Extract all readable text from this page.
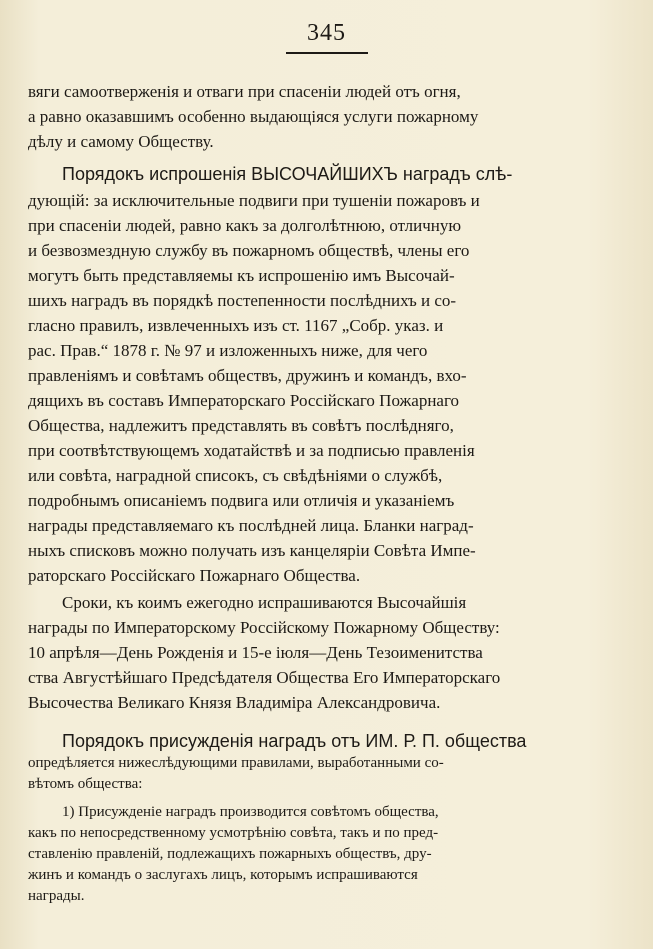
345
вяги самоотверженія и отваги при спасеніи людей отъ огня,
а равно оказавшимъ особенно выдающіяся услуги пожарному
дѣлу и самому Обществу.
Порядокъ испрошенія ВЫСОЧАЙШИХЪ наградъ слѣ-
дующій: за исключительные подвиги при тушеніи пожаровъ и
при спасеніи людей, равно какъ за долголѣтнюю, отличную
и безвозмездную службу въ пожарномъ обществѣ, члены его
могутъ быть представляемы къ испрошенію имъ Высочай-
шихъ наградъ въ порядкѣ постепенности послѣднихъ и со-
гласно правилъ, извлеченныхъ изъ ст. 1167 „Собр. указ. и
рас. Прав.“ 1878 г. № 97 и изложенныхъ ниже, для чего
правленіямъ и совѣтамъ обществъ, дружинъ и командъ, вхо-
дящихъ въ составъ Императорскаго Россійскаго Пожарнаго
Общества, надлежитъ представлять въ совѣтъ послѣдняго,
при соотвѣтствующемъ ходатайствѣ и за подписью правленія
или совѣта, наградной списокъ, съ свѣдѣніями о службѣ,
подробнымъ описаніемъ подвига или отличія и указаніемъ
награды представляемаго къ послѣдней лица. Бланки наград-
ныхъ списковъ можно получать изъ канцеляріи Совѣта Импе-
раторскаго Россійскаго Пожарнаго Общества.
Сроки, къ коимъ ежегодно испрашиваются Высочайшія
награды по Императорскому Россійскому Пожарному Обществу:
10 апрѣля—День Рожденія и 15-е іюля—День Тезоименитства
ства Августѣйшаго Предсѣдателя Общества Его Императорскаго
Высочества Великаго Князя Владиміра Александровича.
Порядокъ присужденія наградъ отъ ИМ. Р. П. общества
опредѣляется нижеслѣдующими правилами, выработанными со-
вѣтомъ общества:
1) Присужденіе наградъ производится совѣтомъ общества,
какъ по непосредственному усмотрѣнію совѣта, такъ и по пред-
ставленію правленій, подлежащихъ пожарныхъ обществъ, дру-
жинъ и командъ о заслугахъ лицъ, которымъ испрашиваются
награды.
